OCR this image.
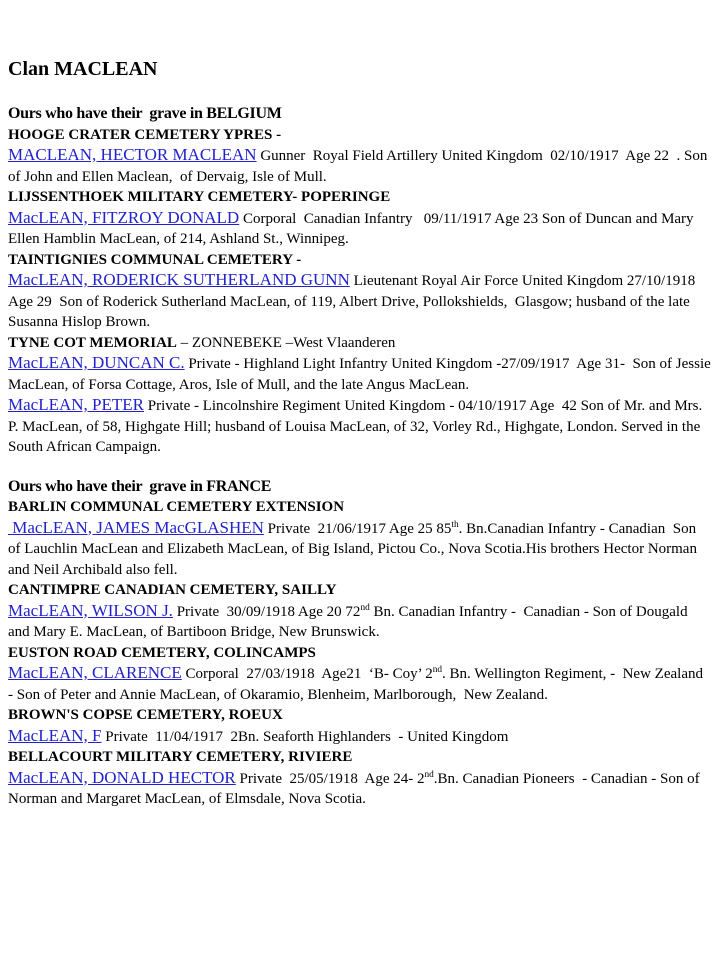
Clan MACLEAN
Ours who have their  grave in BELGIUM
HOOGE CRATER CEMETERY YPRES -

MACLEAN, HECTOR MACLEAN Gunner  Royal Field Artillery United Kingdom  02/10/1917  Age 22  . Son of John and Ellen Maclean,  of Dervaig, Isle of Mull.

LIJSSENTHOEK MILITARY CEMETERY- POPERINGE

MacLEAN, FITZROY DONALD Corporal  Canadian Infantry   09/11/1917 Age 23 Son of Duncan and Mary Ellen Hamblin MacLean, of 214, Ashland St., Winnipeg.

TAINTIGNIES COMMUNAL CEMETERY -

MacLEAN, RODERICK SUTHERLAND GUNN Lieutenant Royal Air Force United Kingdom 27/10/1918 Age 29  Son of Roderick Sutherland MacLean, of 119, Albert Drive, Pollokshields,  Glasgow; husband of the late Susanna Hislop Brown.

TYNE COT MEMORIAL – ZONNEBEKE –West Vlaanderen

MacLEAN, DUNCAN C. Private - Highland Light Infantry United Kingdom -27/09/1917  Age 31-  Son of Jessie MacLean, of Forsa Cottage, Aros, Isle of Mull, and the late Angus MacLean.

MacLEAN, PETER Private - Lincolnshire Regiment United Kingdom - 04/10/1917 Age  42 Son of Mr. and Mrs. P. MacLean, of 58, Highgate Hill; husband of Louisa MacLean, of 32, Vorley Rd., Highgate, London. Served in the South African Campaign.

Ours who have their  grave in FRANCE
BARLIN COMMUNAL CEMETERY EXTENSION

MacLEAN, JAMES MacGLASHEN Private  21/06/1917 Age 25 85th. Bn.Canadian Infantry - Canadian  Son of Lauchlin MacLean and Elizabeth MacLean, of Big Island, Pictou Co., Nova Scotia.His brothers Hector Norman and Neil Archibald also fell.

CANTIMPRE CANADIAN CEMETERY, SAILLY

MacLEAN, WILSON J. Private  30/09/1918 Age 20 72nd Bn. Canadian Infantry -  Canadian - Son of Dougald and Mary E. MacLean, of Bartiboon Bridge, New Brunswick.

EUSTON ROAD CEMETERY, COLINCAMPS

MacLEAN, CLARENCE Corporal  27/03/1918  Age21  ‘B- Coy’ 2nd. Bn. Wellington Regiment, -  New Zealand  - Son of Peter and Annie MacLean, of Okaramio, Blenheim, Marlborough,  New Zealand.

BROWN'S COPSE CEMETERY, ROEUX

MacLEAN, F Private  11/04/1917  2Bn. Seaforth Highlanders  - United Kingdom

BELLACOURT MILITARY CEMETERY, RIVIERE

MacLEAN, DONALD HECTOR Private  25/05/1918  Age 24- 2nd.Bn. Canadian Pioneers  - Canadian - Son of Norman and Margaret MacLean, of Elmsdale, Nova Scotia.
